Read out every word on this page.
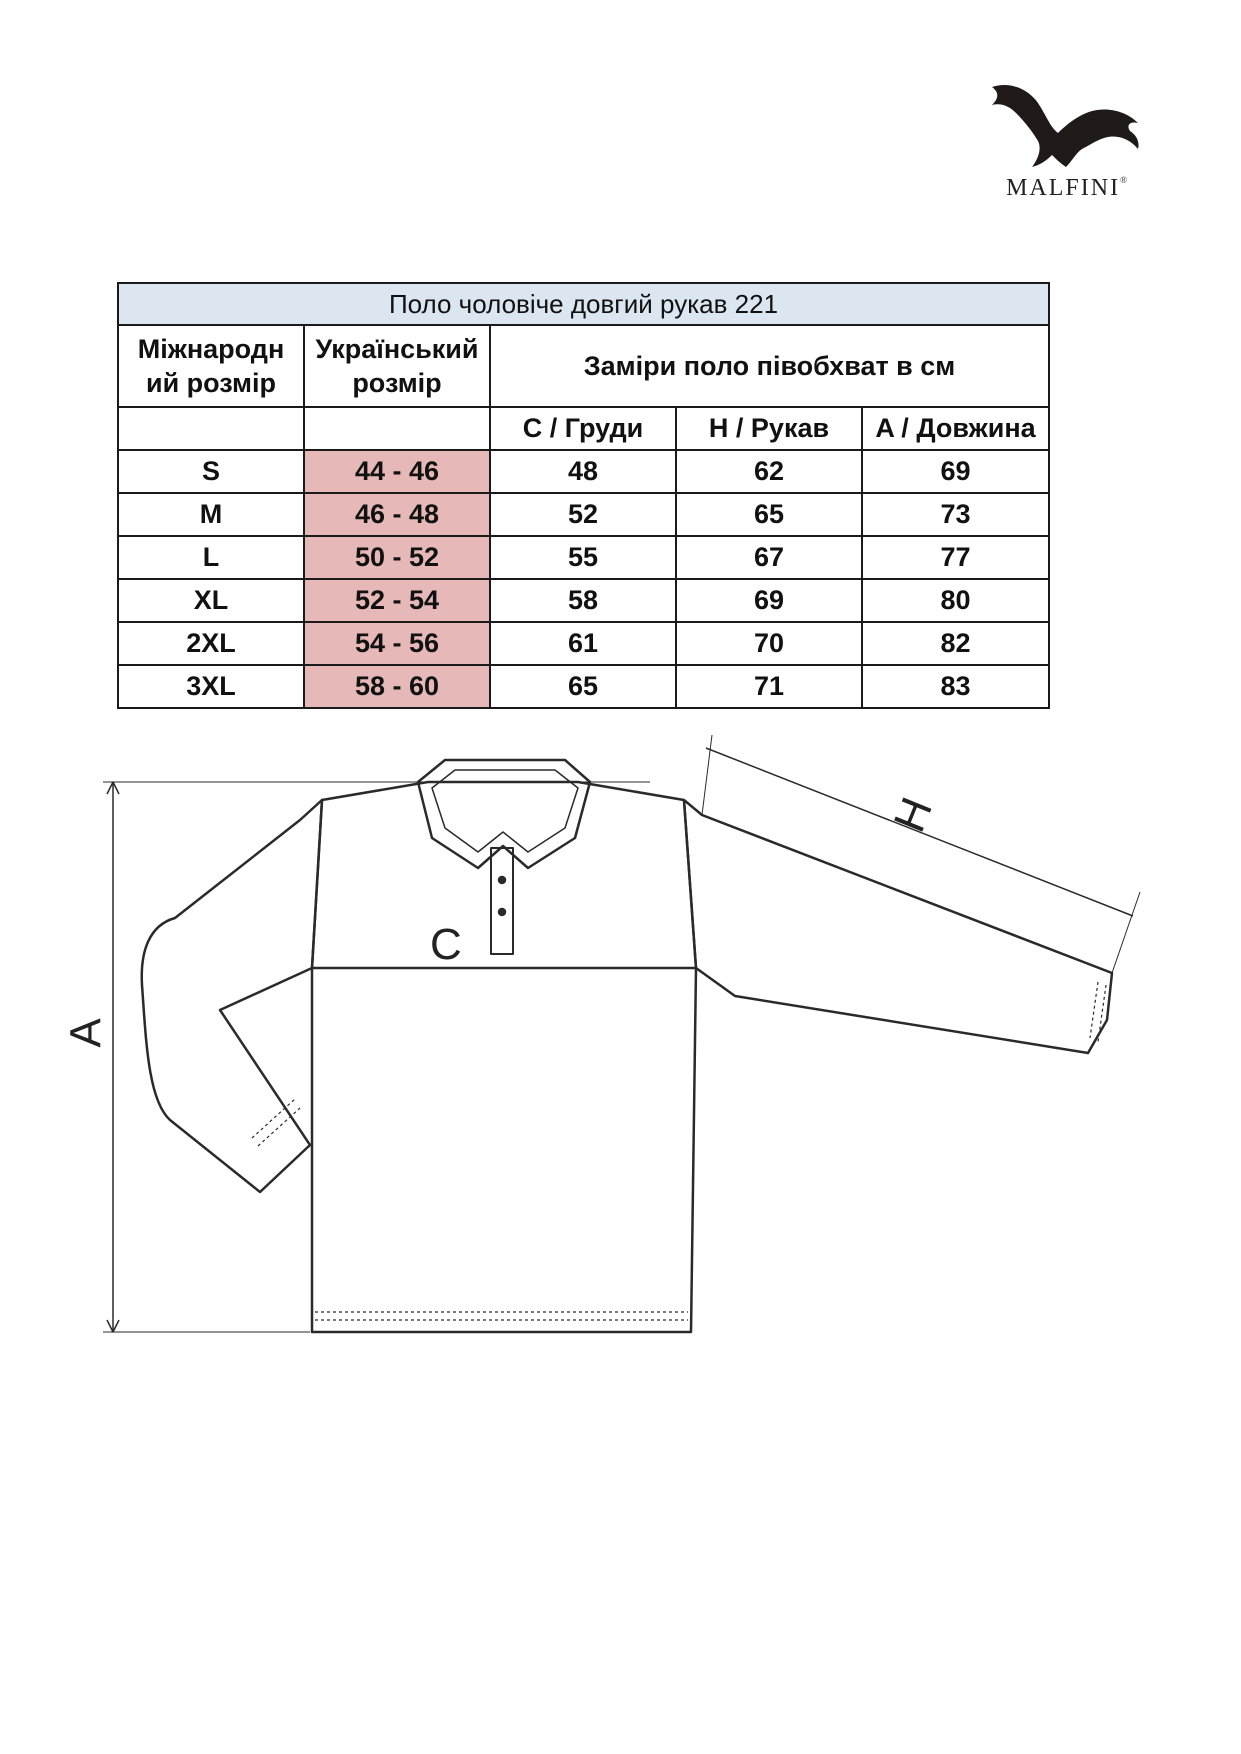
MALFINI®
Поло чоловіче довгий рукав 221				
Міжнародн
ий розмір	Український
розмір	Заміри поло півобхват в см		
		C / Груди	H / Рукав	A / Довжина
S	44 - 46	48	62	69
M	46 - 48	52	65	73
L	50 - 52	55	67	77
XL	52 - 54	58	69	80
2XL	54 - 56	61	70	82
3XL	58 - 60	65	71	83
A
C
H
